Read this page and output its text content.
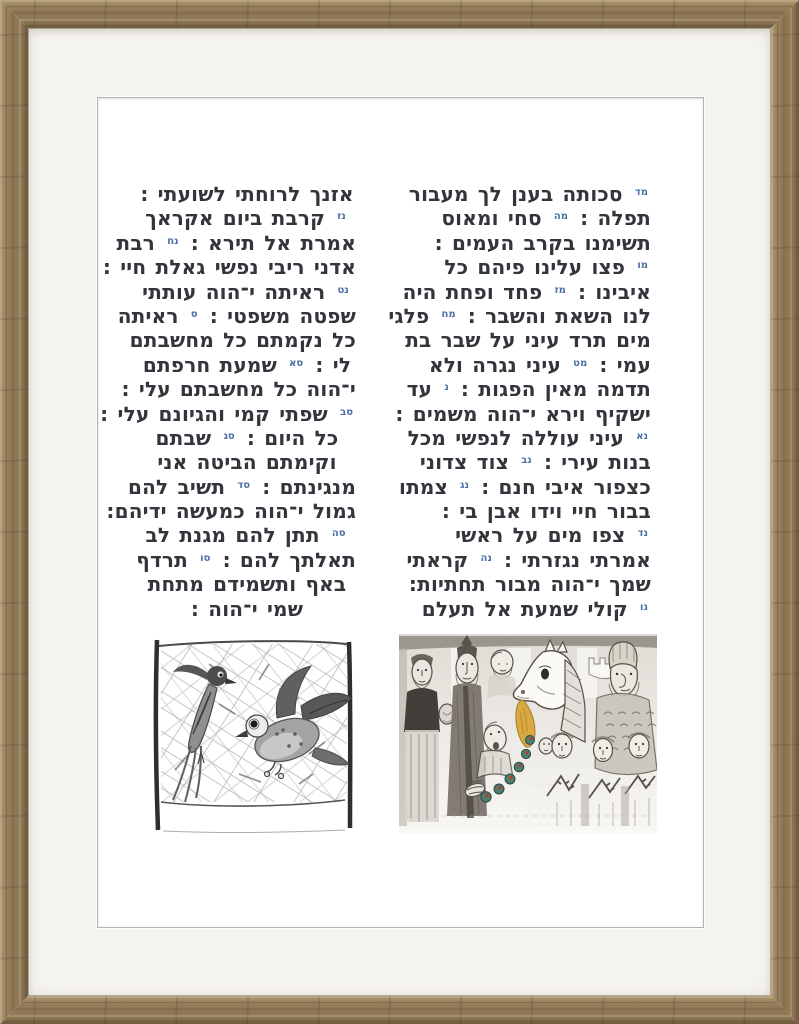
$^{מד}$ סכותה בענן לך מעבור
תפלה : $^{מה}$ סחי ומאוס
תשימנו בקרב העמים :
$^{מו}$ פצו עלינו פיהם כל
איבינו : $^{מז}$ פחד ופחת היה
לנו השאת והשבר : $^{מח}$ פלגי
מים תרד עיני על שבר בת
עמי : $^{מט}$ עיני נגרה ולא
תדמה מאין הפגות : $^נ$ עד
ישקיף וירא י־הוה משמים :
$^{נא}$ עיני עוללה לנפשי מכל
בנות עירי : $^{נב}$ צוד צדוני
כצפור איבי חנם : $^{נג}$ צמתו
בבור חיי וידו אבן בי :
$^{נד}$ צפו מים על ראשי
אמרתי נגזרתי : $^{נה}$ קראתי
שמך י־הוה מבור תחתיות:
$^{נו}$ קולי שמעת אל תעלם
אזנך לרוחתי לשועתי :
$^{נז}$ קרבת ביום אקראך
אמרת אל תירא : $^{נח}$ רבת
אדני ריבי נפשי גאלת חיי :
$^{נט}$ ראיתה י־הוה עותתי
שפטה משפטי : $^ס$ ראיתה
כל נקמתם כל מחשבתם
לי : $^{סא}$ שמעת חרפתם
י־הוה כל מחשבתם עלי :
$^{סב}$ שפתי קמי והגיונם עלי :
כל היום : $^{סג}$ שבתם
וקימתם הביטה אני
מנגינתם : $^{סד}$ תשיב להם
גמול י־הוה כמעשה ידיהם:
$^{סה}$ תתן להם מגנת לב
תאלתך להם : $^{סו}$ תרדף
באף ותשמידם מתחת
שמי י־הוה :
